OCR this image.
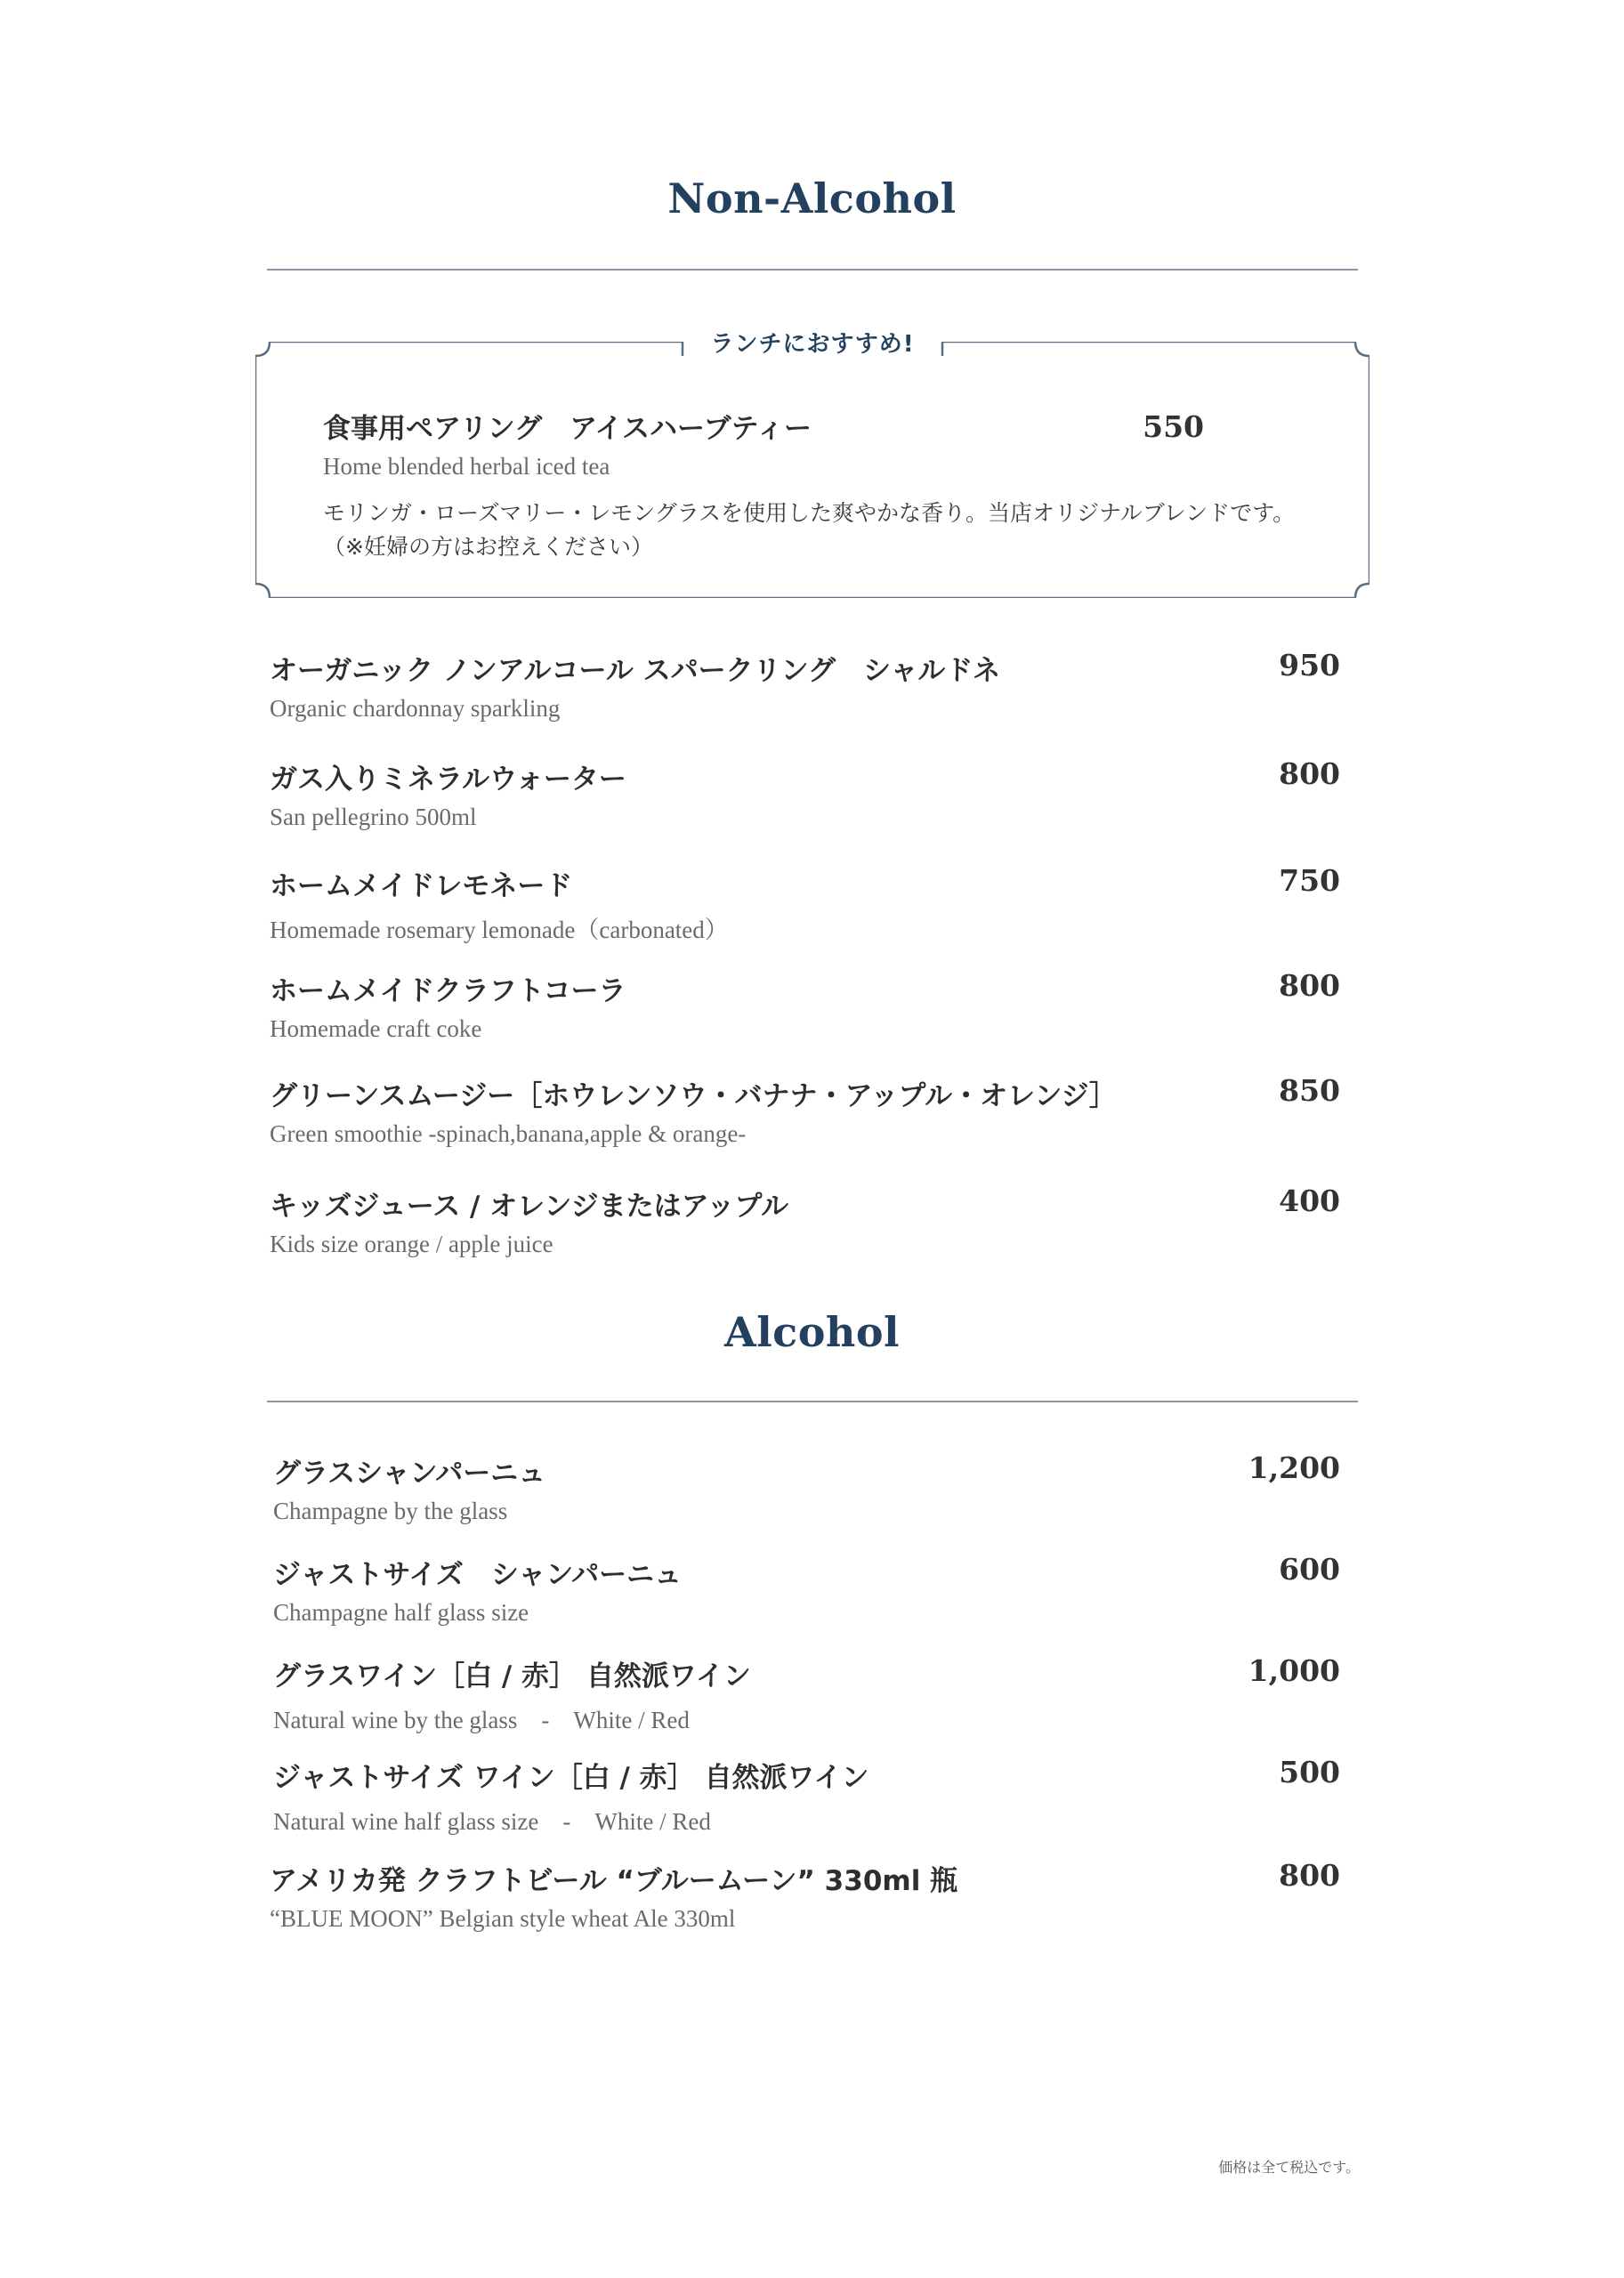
Non-Alcohol
ランチにおすすめ!
食事用ペアリング　アイスハーブティー
Home blended herbal iced tea
モリンガ・ローズマリー・レモングラスを使用した爽やかな香り。当店オリジナルブレンドです。
（※妊婦の方はお控えください）
550
オーガニック ノンアルコール スパークリング　シャルドネ
Organic chardonnay sparkling
950
ガス入りミネラルウォーター
San pellegrino 500ml
800
ホームメイドレモネード
Homemade rosemary lemonade（carbonated）
750
ホームメイドクラフトコーラ
Homemade craft coke
800
グリーンスムージー［ホウレンソウ・バナナ・アップル・オレンジ］
Green smoothie -spinach,banana,apple & orange-
850
キッズジュース / オレンジまたはアップル
Kids size orange / apple juice
400
Alcohol
グラスシャンパーニュ
Champagne by the glass
1,200
ジャストサイズ　シャンパーニュ
Champagne half glass size
600
グラスワイン［白 / 赤］ 自然派ワイン
Natural wine by the glass　-　White / Red
1,000
ジャストサイズ ワイン［白 / 赤］ 自然派ワイン
Natural wine half glass size　-　White / Red
500
アメリカ発 クラフトビール “ブルームーン” 330ml 瓶
“BLUE MOON” Belgian style wheat Ale 330ml
800
価格は全て税込です。
